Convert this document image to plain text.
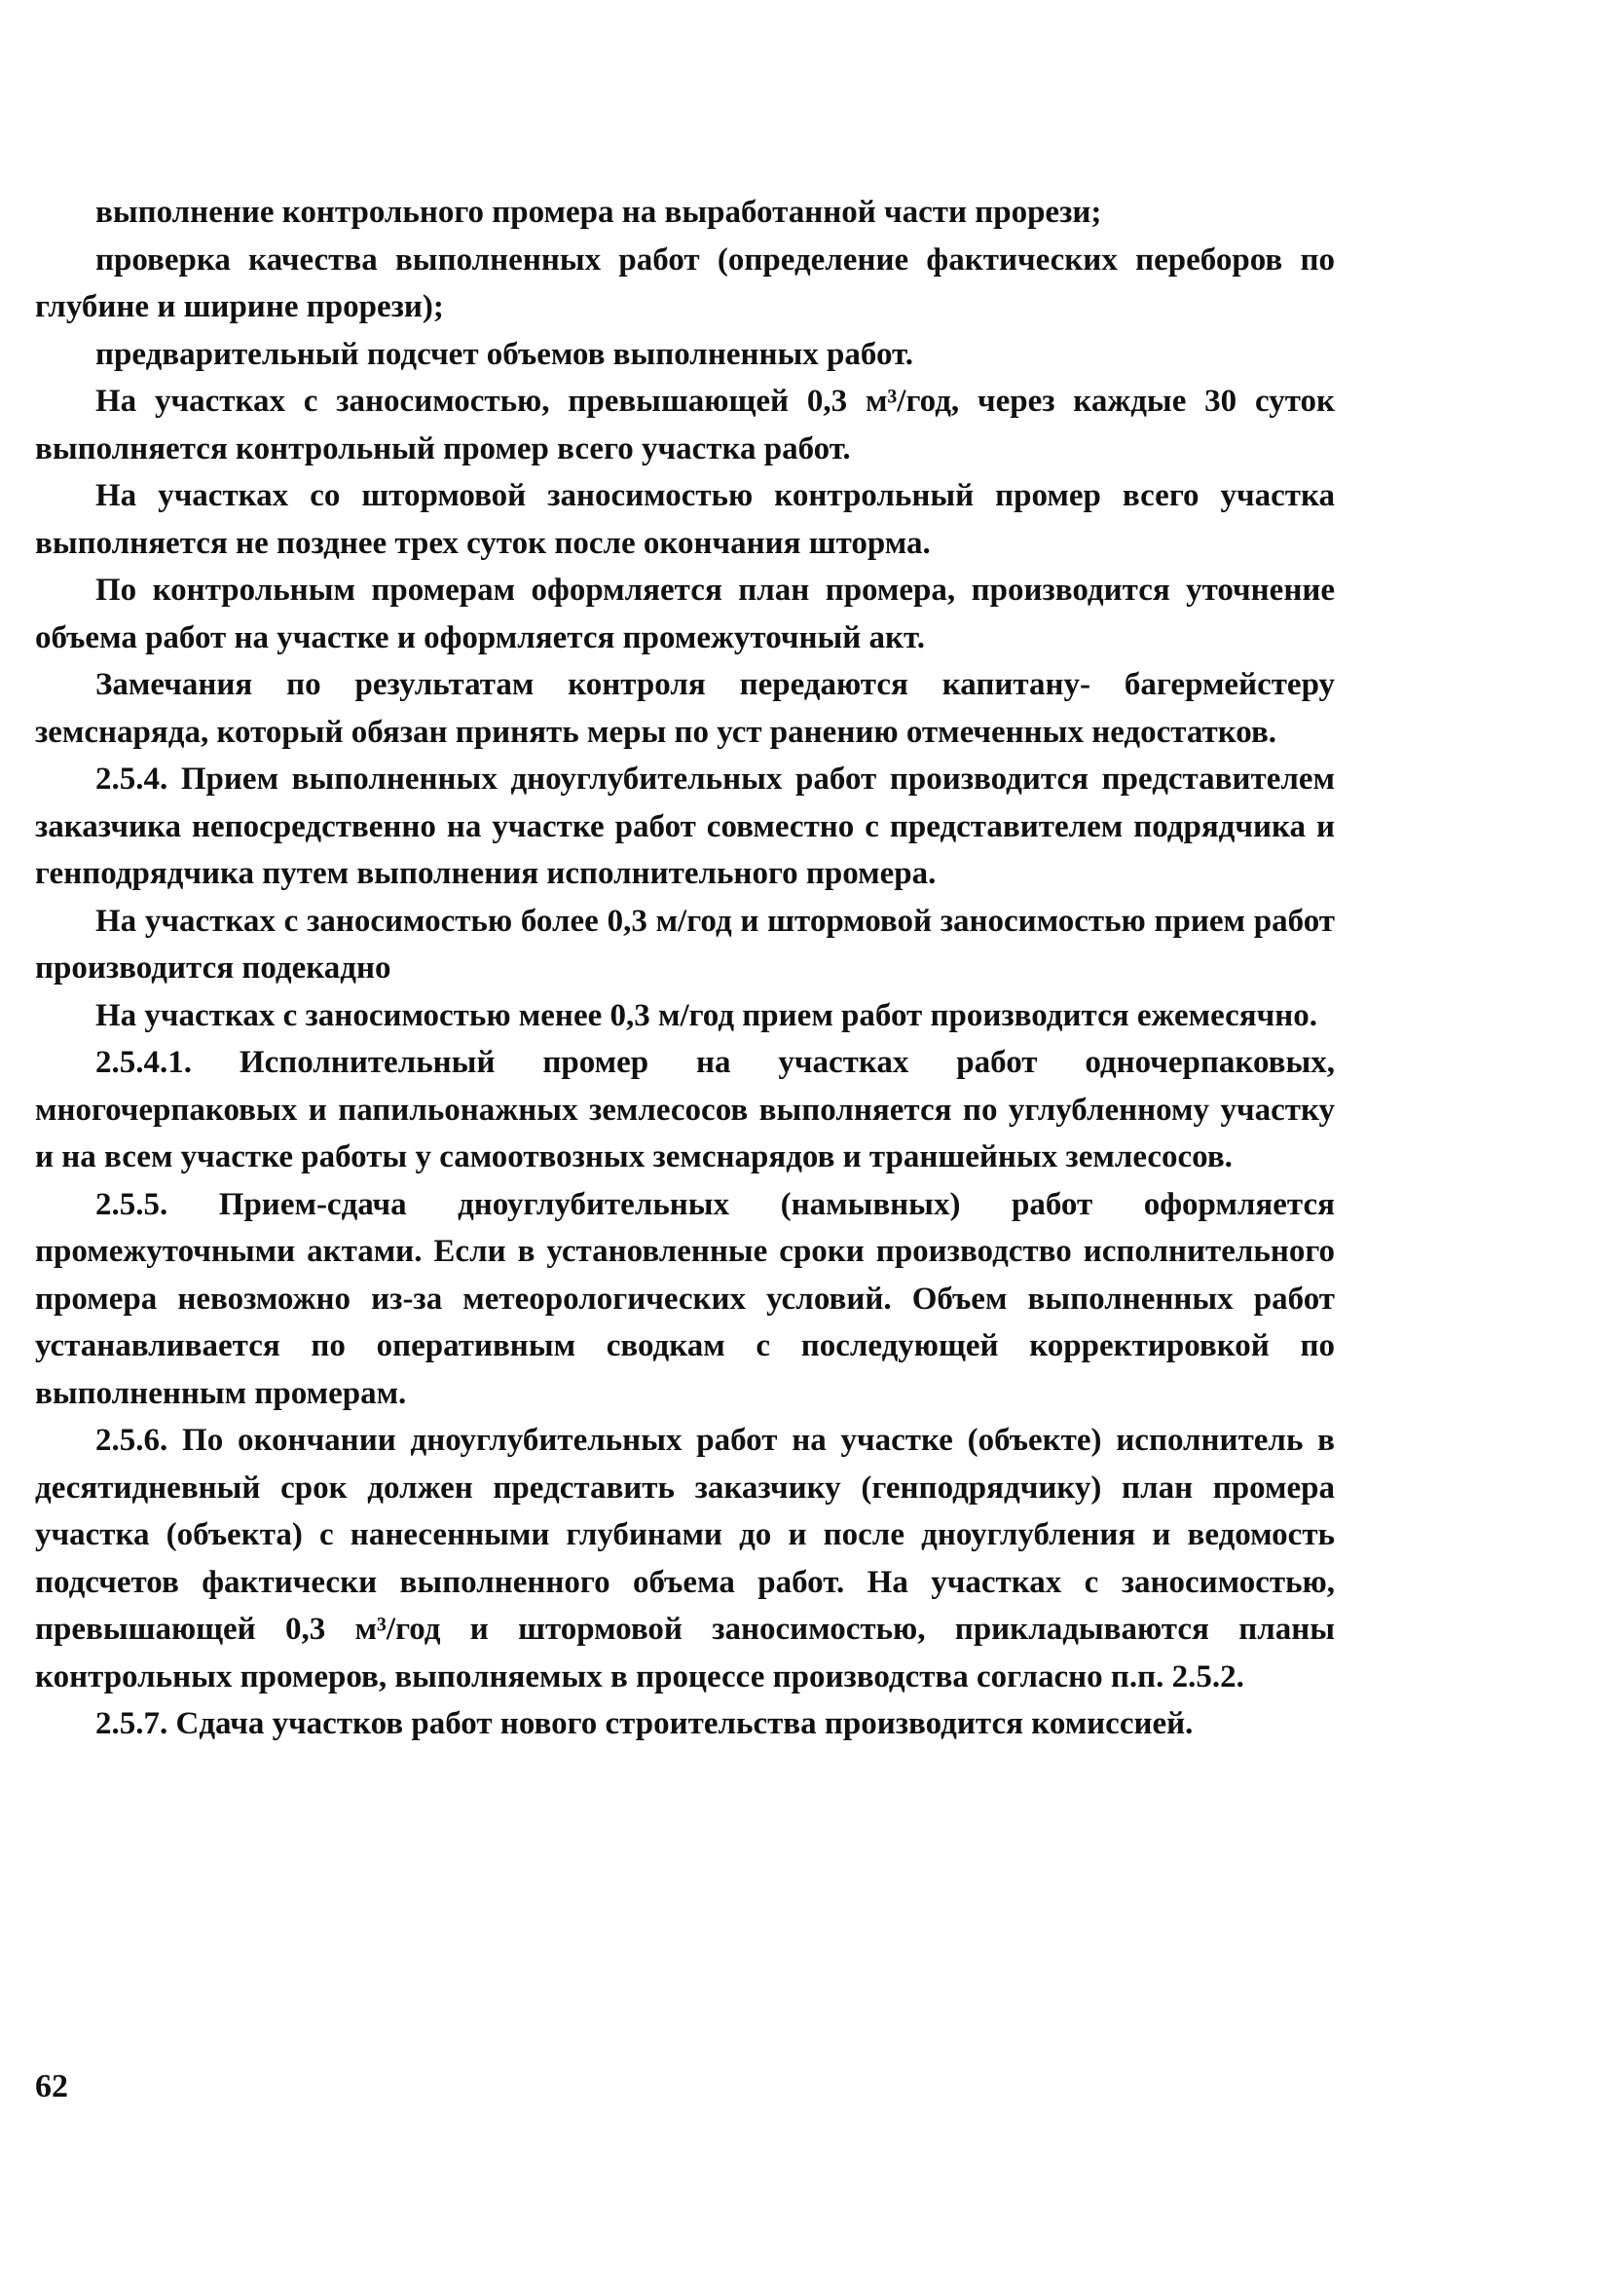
выполнение контрольного промера на выработанной части прорези;

проверка качества выполненных работ (определение фактических переборов по глубине и ширине прорези);

предварительный подсчет объемов выполненных работ.

На участках с заносимостью, превышающей 0,3 м³/год, через каждые 30 суток выполняется контрольный промер всего участка работ.

На участках со штормовой заносимостью контрольный промер всего участка выполняется не позднее трех суток после окончания шторма.

По контрольным промерам оформляется план промера, производится уточнение объема работ на участке и оформляется промежуточный акт.

Замечания по результатам контроля передаются капитану- багермейстеру земснаряда, который обязан принять меры по уст ранению отмеченных недостатков.

2.5.4. Прием выполненных дноуглубительных работ производится представителем заказчика непосредственно на участке работ совместно с представителем подрядчика и генподрядчика путем выполнения исполнительного промера.

На участках с заносимостью более 0,3 м/год и штормовой заносимостью прием работ производится подекадно

На участках с заносимостью менее 0,3 м/год прием работ производится ежемесячно.

2.5.4.1. Исполнительный промер на участках работ одночерпаковых, многочерпаковых и папильонажных землесосов выполняется по углубленному участку и на всем участке работы у самоотвозных земснарядов и траншейных землесосов.

2.5.5. Прием-сдача дноуглубительных (намывных) работ оформляется промежуточными актами. Если в установленные сроки производство исполнительного промера невозможно из-за метеорологических условий. Объем выполненных работ устанавливается по оперативным сводкам с последующей корректировкой по выполненным промерам.

2.5.6. По окончании дноуглубительных работ на участке (объекте) исполнитель в десятидневный срок должен представить заказчику (генподрядчику) план промера участка (объекта) с нанесенными глубинами до и после дноуглубления и ведомость подсчетов фактически выполненного объема работ. На участках с заносимостью, превышающей 0,3 м³/год и штормовой заносимостью, прикладываются планы контрольных промеров, выполняемых в процессе производства согласно п.п. 2.5.2.

2.5.7. Сдача участков работ нового строительства производится комиссией.

62
